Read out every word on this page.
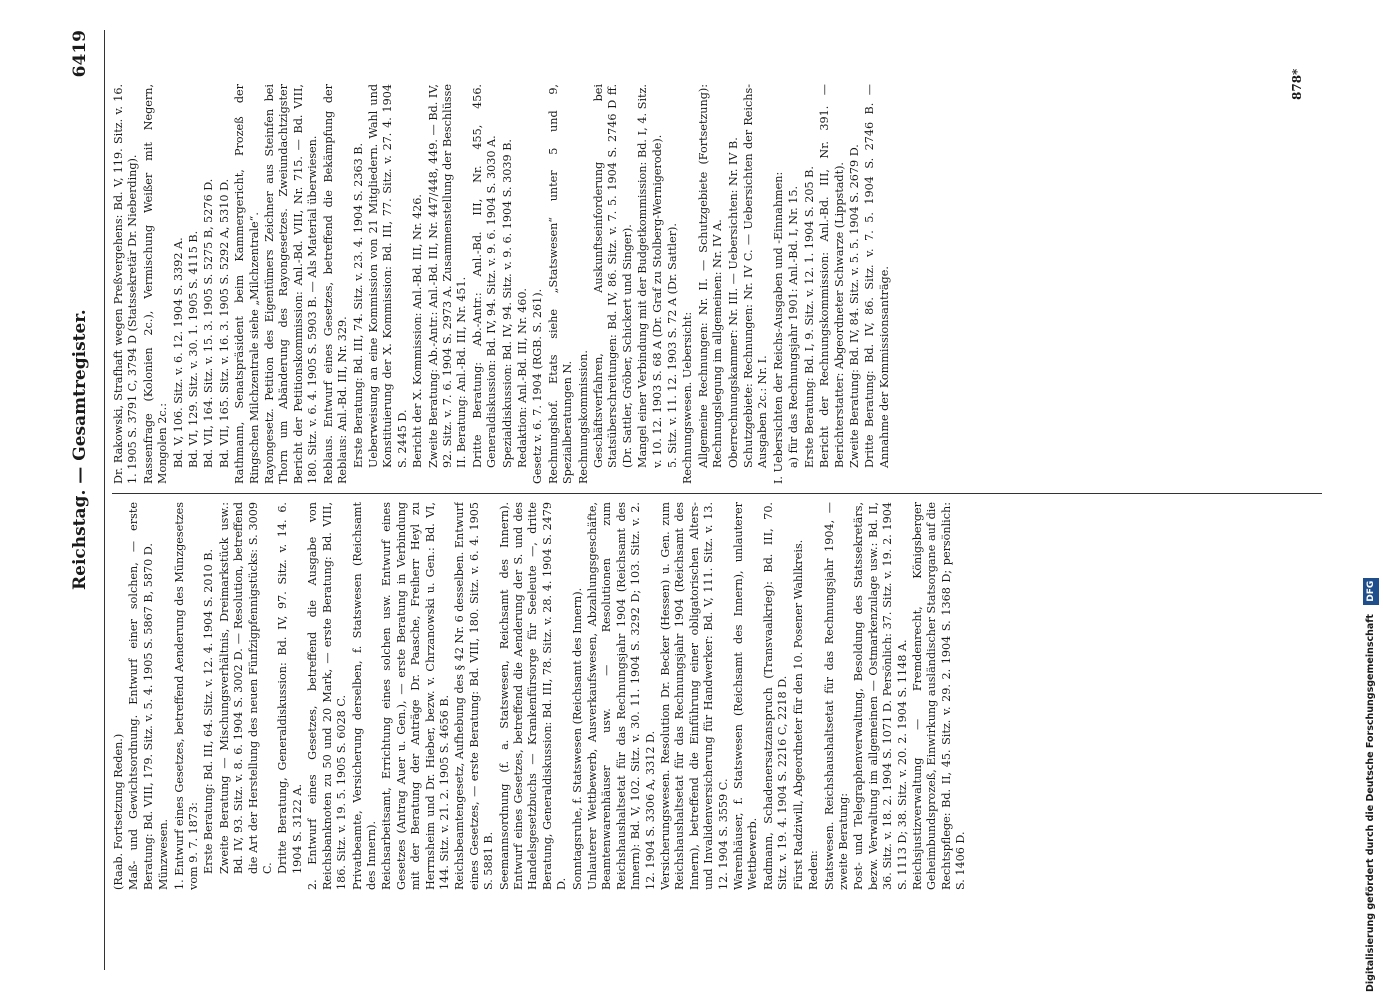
Reichstag. — Gesamtregister.
6419

(Raab. Fortsetzung Reden.) Maß- und Gewichtsordnung. Entwurf einer solchen, — erste Beratung: Bd. VIII, 179. Sitz. v. 5. 4. 1905 S. 5867 B, 5870 D. Münzwesen. 1. Entwurf eines Gesetzes, betreffend Aenderung des Münzgesetzes vom 9. 7. 1873: Erste Beratung: Bd. III, 64. Sitz. v. 12. 4. 1904 S. 2010 B. Zweite Beratung — Mischungsverhältnis, Dreimarkstück usw.: Bd. IV, 93. Sitz. v. 8. 6. 1904 S. 3002 D. — Resolution, betreffend die Art der Herstellung des neuen Fünfzigpfennigstücks: S. 3009 C. Dritte Beratung, Generaldiskussion: Bd. IV, 97. Sitz. v. 14. 6. 1904 S. 3122 A. 2. Entwurf eines Gesetzes, betreffend die Ausgabe von Reichsbanknoten zu 50 und 20 Mark, — erste Beratung: Bd. VIII, 186. Sitz. v. 19. 5. 1905 S. 6028 C. Privatbeamte, Versicherung derselben, f. Statswesen (Reichsamt des Innern). Reichsarbeitsamt, Errichtung eines solchen usw. Entwurf eines Gesetzes (Antrag Auer u. Gen.), — erste Beratung in Verbindung mit der Beratung der Anträge Dr. Paasche, Freiherr Heyl zu Herrnsheim und Dr. Hieber, bezw. v. Chrzanowski u. Gen.: Bd. VI, 144. Sitz. v. 21. 2. 1905 S. 4656 B. Reichsbeamtengesetz, Aufhebung des § 42 Nr. 6 desselben. Entwurf eines Gesetzes, — erste Beratung: Bd. VIII, 180. Sitz. v. 6. 4. 1905 S. 5881 B. Seemannsordnung (f. a. Statswesen, Reichsamt des Innern). Entwurf eines Gesetzes, betreffend die Aenderung der S. und des Handelsgesetzbuchs — Krankenfürsorge für Seeleute —, dritte Beratung, Generaldiskussion: Bd. III, 78. Sitz. v. 28. 4. 1904 S. 2479 D. Sonntagsruhe, f. Statswesen (Reichsamt des Innern). Unlauterer Wettbewerb, Ausverkaufswesen, Abzahlungsgeschäfte, Beamtenwarenhäuser usw. — Resolutionen zum Reichshaushaltsetat für das Rechnungsjahr 1904 (Reichsamt des Innern): Bd. V, 102. Sitz. v. 30. 11. 1904 S. 3292 D; 103. Sitz. v. 2. 12. 1904 S. 3306 A, 3312 D. Versicherungswesen. Resolution Dr. Becker (Hessen) u. Gen. zum Reichshaushaltsetat für das Rechnungsjahr 1904 (Reichsamt des Innern), betreffend die Einführung einer obligatorischen Alters- und Invalidenversicherung für Handwerker: Bd. V, 111. Sitz. v. 13. 12. 1904 S. 3559 C. Warenhäuser, f. Statswesen (Reichsamt des Innern), unlauterer Wettbewerb. Radmann, Schadenersatzanspruch (Transvaalkrieg): Bd. III, 70. Sitz. v. 19. 4. 1904 S. 2216 C, 2218 D. Fürst Radziwill, Abgeordneter für den 10. Posener Wahlkreis. Reden: Statswesen. Reichshaushaltsetat für das Rechnungsjahr 1904, — zweite Beratung: Post- und Telegraphenverwaltung, Besoldung des Statssekretärs, bezw. Verwaltung im allgemeinen — Ostmarkenzulage usw.: Bd. II, 36. Sitz. v. 18. 2. 1904 S. 1071 D. Persönlich: 37. Sitz. v. 19. 2. 1904 S. 1113 D; 38. Sitz. v. 20. 2. 1904 S. 1148 A. Reichsjustizverwaltung — Fremdenrecht, Königsberger Geheimbundsprozeß, Einwirkung ausländischer Statsorgane auf die Rechtspflege: Bd. II, 45. Sitz. v. 29. 2. 1904 S. 1368 D; persönlich: S. 1406 D.

Dr. Rakowski, Strafhaft wegen Preßvergehens: Bd. V, 119. Sitz. v. 16. 1. 1905 S. 3791 C, 3794 D (Statssekretär Dr. Nieberding). Rassenfrage (Kolonien 2c.), Vermischung Weißer mit Negern, Mongolen 2c.: Bd. V, 106. Sitz. v. 6. 12. 1904 S. 3392 A. Bd. VI, 129. Sitz. v. 30. 1. 1905 S. 4115 B. Bd. VII, 164. Sitz. v. 15. 3. 1905 S. 5275 B, 5276 D. Bd. VII, 165. Sitz. v. 16. 3. 1905 S. 5292 A, 5310 D. Rathmann, Senatspräsident beim Kammergericht, Prozeß der Ringschen Milchzentrale siehe „Milchzentrale“. Rayongesetz. Petition des Eigentümers Zeichner aus Steinfen bei Thorn um Abänderung des Rayongesetzes. Zweiundachtzigster Bericht der Petitionskommission: Anl.-Bd. VIII, Nr. 715. — Bd. VIII, 180. Sitz. v. 6. 4. 1905 S. 5903 B. — Als Material überwiesen. Reblaus. Entwurf eines Gesetzes, betreffend die Bekämpfung der Reblaus: Anl.-Bd. III, Nr. 329. Erste Beratung: Bd. III, 74. Sitz. v. 23. 4. 1904 S. 2363 B. Ueberweisung an eine Kommission von 21 Mitgliedern. Wahl und Konstituierung der X. Kommission: Bd. III, 77. Sitz. v. 27. 4. 1904 S. 2445 D. Bericht der X. Kommission: Anl.-Bd. III, Nr. 426. Zweite Beratung: Ab.-Antr.: Anl.-Bd. III, Nr. 447/448, 449. — Bd. IV, 92. Sitz. v. 7. 6. 1904 S. 2973 A. Zusammenstellung der Beschlüsse II. Beratung: Anl.-Bd. III, Nr. 451. Dritte Beratung: Ab.-Antr.: Anl.-Bd. III, Nr. 455, 456. Generaldiskussion: Bd. IV, 94. Sitz. v. 9. 6. 1904 S. 3030 A. Spezialdiskussion: Bd. IV, 94. Sitz. v. 9. 6. 1904 S. 3039 B. Redaktion: Anl.-Bd. III, Nr. 460. Gesetz v. 6. 7. 1904 (RGB. S. 261). Rechnungshof. Etats siehe „Statswesen“ unter 5 und 9, Spezialberatungen N. Rechnungskommission. Geschäftsverfahren, Auskunftseinforderung bei Statsüberschreitungen: Bd. IV, 86. Sitz. v. 7. 5. 1904 S. 2746 D ff. (Dr. Sattler, Gröber, Schickert und Singer). Mangel einer Verbindung mit der Budgetkommission: Bd. I, 4. Sitz. v. 10. 12. 1903 S. 68 A (Dr. Graf zu Stolberg-Wernigerode). 5. Sitz. v. 11. 12. 1903 S. 72 A (Dr. Sattler). Rechnungswesen. Uebersicht: Allgemeine Rechnungen: Nr. II. — Schutzgebiete (Fortsetzung): Rechnungslegung im allgemeinen: Nr. IV A. Oberrechnungskammer: Nr. III. — Uebersichten: Nr. IV B. Schutzgebiete: Rechnungen: Nr. IV C. — Uebersichten der Reichs-Ausgaben 2c.: Nr. I. I. Uebersichten der Reichs-Ausgaben und -Einnahmen: a) für das Rechnungsjahr 1901: Anl.-Bd. I, Nr. 15. Erste Beratung: Bd. I, 9. Sitz. v. 12. 1. 1904 S. 205 B. Bericht der Rechnungskommission: Anl.-Bd. III, Nr. 391. — Berichterstatter: Abgeordneter Schwarze (Lippstadt). Zweite Beratung: Bd. IV, 84. Sitz. v. 5. 5. 1904 S. 2679 D. Dritte Beratung: Bd. IV, 86. Sitz. v. 7. 5. 1904 S. 2746 B. — Annahme der Kommissionsanträge.

878*
Digitalisierung gefördert durch die Deutsche Forschungsgemeinschaft DFG
